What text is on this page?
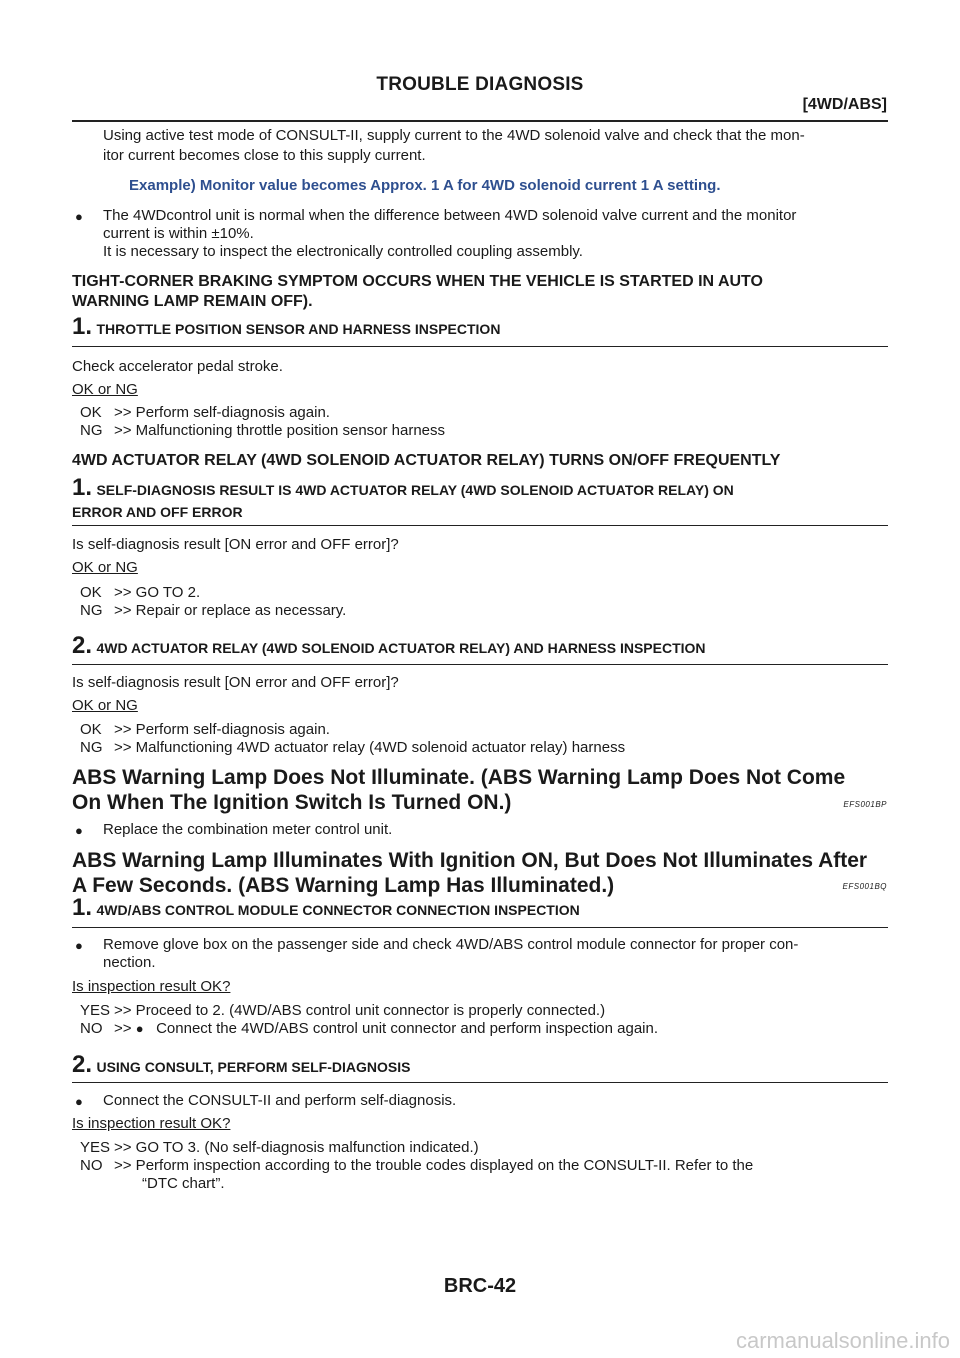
TROUBLE DIAGNOSIS
[4WD/ABS]
Using active test mode of CONSULT-II, supply current to the 4WD solenoid valve and check that the mon-
itor current becomes close to this supply current.
Example) Monitor value becomes Approx. 1 A for 4WD solenoid current 1 A setting.
● The 4WDcontrol unit is normal when the difference between 4WD solenoid valve current and the monitor
current is within ±10%.
It is necessary to inspect the electronically controlled coupling assembly.
TIGHT-CORNER BRAKING SYMPTOM OCCURS WHEN THE VEHICLE IS STARTED IN AUTO
WARNING LAMP REMAIN OFF).
1. THROTTLE POSITION SENSOR AND HARNESS INSPECTION
Check accelerator pedal stroke.
OK or NG
OK >> Perform self-diagnosis again.
NG >> Malfunctioning throttle position sensor harness
4WD ACTUATOR RELAY (4WD SOLENOID ACTUATOR RELAY) TURNS ON/OFF FREQUENTLY
1. SELF-DIAGNOSIS RESULT IS 4WD ACTUATOR RELAY (4WD SOLENOID ACTUATOR RELAY) ON
ERROR AND OFF ERROR
Is self-diagnosis result [ON error and OFF error]?
OK or NG
OK >> GO TO 2.
NG >> Repair or replace as necessary.
2. 4WD ACTUATOR RELAY (4WD SOLENOID ACTUATOR RELAY) AND HARNESS INSPECTION
Is self-diagnosis result [ON error and OFF error]?
OK or NG
OK >> Perform self-diagnosis again.
NG >> Malfunctioning 4WD actuator relay (4WD solenoid actuator relay) harness
ABS Warning Lamp Does Not Illuminate. (ABS Warning Lamp Does Not Come
On When The Ignition Switch Is Turned ON.)	EFS001BP
● Replace the combination meter control unit.
ABS Warning Lamp Illuminates With Ignition ON, But Does Not Illuminates After
A Few Seconds. (ABS Warning Lamp Has Illuminated.)	EFS001BQ
1. 4WD/ABS CONTROL MODULE CONNECTOR CONNECTION INSPECTION
● Remove glove box on the passenger side and check 4WD/ABS control module connector for proper con-
nection.
Is inspection result OK?
YES >> Proceed to 2. (4WD/ABS control unit connector is properly connected.)
NO >> ● Connect the 4WD/ABS control unit connector and perform inspection again.
2. USING CONSULT, PERFORM SELF-DIAGNOSIS
● Connect the CONSULT-II and perform self-diagnosis.
Is inspection result OK?
YES >> GO TO 3. (No self-diagnosis malfunction indicated.)
NO >> Perform inspection according to the trouble codes displayed on the CONSULT-II. Refer to the
“DTC chart”.
BRC-42
carmanualsonline.info
